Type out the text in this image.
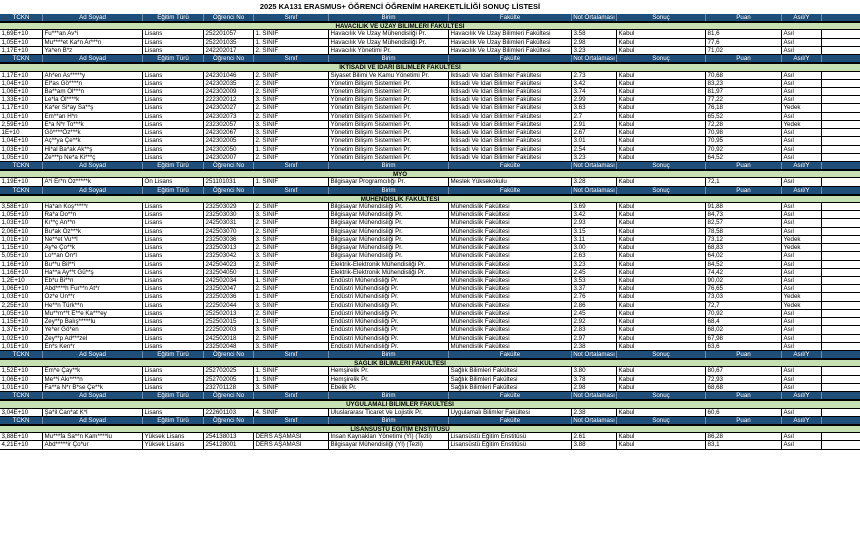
2025 KA131 ERASMUS+ ÖĞRENCİ ÖĞRENİM HAREKETLİLİĞİ SONUÇ LİSTESİ
TCKN	Ad Soyad	Eğitim Türü	Öğrenci No	Sınıf	Birim	Fakülte	Not Ortalaması	Sonuç	Puan	Asıl/Y
HAVACILIK VE UZAY BİLİMLERİ FAKÜLTESİ
1,69E+10	Fu***an Av*i	Lisans	252201057	1. SINIF	Havacılık Ve Uzay Mühendisliği Pr.	Havacılık Ve Uzay Bilimleri Fakültesi	3.58	Kabul	81,6	Asıl
1,05E+10	Mu****et Ka*n Ar***n	Lisans	252201035	1. SINIF	Havacılık Ve Uzay Mühendisliği Pr.	Havacılık Ve Uzay Bilimleri Fakültesi	2.98	Kabul	77,6	Asıl
1,17E+10	Ya*en B*z	Lisans	242202017	2. SINIF	Havacılık Yönetimi Pr.	Havacılık Ve Uzay Bilimleri Fakültesi	3.23	Kabul	71,02	Asıl
TCKN	Ad Soyad	Eğitim Türü	Öğrenci No	Sınıf	Birim	Fakülte	Not Ortalaması	Sonuç	Puan	Asıl/Y
İKTİSADİ VE İDARİ BİLİMLER FAKÜLTESİ
1,17E+10	Ah*en As*****y	Lisans	242301046	2. SINIF	Siyaset Bilimi Ve Kamu Yönetimi Pr.	İktisadi Ve İdari Bilimler Fakültesi	2.73	Kabul	70,68	Asıl
1,04E+10	El*as Gö****n	Lisans	242302035	2. SINIF	Yönetim Bilişim Sistemleri Pr.	İktisadi Ve İdari Bilimler Fakültesi	3.42	Kabul	83,23	Asıl
1,06E+10	Ba**am Ol***n	Lisans	242302009	2. SINIF	Yönetim Bilişim Sistemleri Pr.	İktisadi Ve İdari Bilimler Fakültesi	3.74	Kabul	81,97	Asıl
1,33E+10	Le*la Öl****k	Lisans	222302012	3. SINIF	Yönetim Bilişim Sistemleri Pr.	İktisadi Ve İdari Bilimler Fakültesi	2.99	Kabul	77,22	Asıl
1,17E+10	Ka*er Si*ay Sa**ş	Lisans	242302027	2. SINIF	Yönetim Bilişim Sistemleri Pr.	İktisadi Ve İdari Bilimler Fakültesi	3.63	Kabul	76,18	Yedek
1,01E+10	Em**an H*n	Lisans	242302073	2. SINIF	Yönetim Bilişim Sistemleri Pr.	İktisadi Ve İdari Bilimler Fakültesi	2.7	Kabul	65,52	Asıl
2,59E+10	E*a N*r To***k	Lisans	232302057	3. SINIF	Yönetim Bilişim Sistemleri Pr.	İktisadi Ve İdari Bilimler Fakültesi	2.91	Kabul	72,28	Yedek
1E+10	Gö****Öz***k	Lisans	242302067	3. SINIF	Yönetim Bilişim Sistemleri Pr.	İktisadi Ve İdari Bilimler Fakültesi	2.67	Kabul	70,98	Asıl
1,04E+10	Aç**ya Çe**k	Lisans	242302005	2. SINIF	Yönetim Bilişim Sistemleri Pr.	İktisadi Ve İdari Bilimler Fakültesi	3.01	Kabul	70,95	Asıl
1,03E+10	Hi*al Ba*ak Ak**ş	Lisans	242302050	1. SINIF	Yönetim Bilişim Sistemleri Pr.	İktisadi Ve İdari Bilimler Fakültesi	2.54	Kabul	70,92	Asıl
1,05E+10	Ze***p Ne*a Ki***ç	Lisans	242302007	2. SINIF	Yönetim Bilişim Sistemleri Pr.	İktisadi Ve İdari Bilimler Fakültesi	3.23	Kabul	64,52	Asıl
TCKN	Ad Soyad	Eğitim Türü	Öğrenci No	Sınıf	Birim	Fakülte	Not Ortalaması	Sonuç	Puan	Asıl/Y
MYO
1,19E+10	A*i Er*n Öz*****k	Ön Lisans	251101031	1. SINIF	Bilgisayar Programcılığı Pr.	Meslek Yüksekokulu	3.28	Kabul	72,1	Asıl
TCKN	Ad Soyad	Eğitim Türü	Öğrenci No	Sınıf	Birim	Fakülte	Not Ortalaması	Sonuç	Puan	Asıl/Y
MÜHENDİSLİK FAKÜLTESİ
3,58E+10	Ha*an Koş*****r	Lisans	232503029	2. SINIF	Bilgisayar Mühendisliği Pr.	Mühendislik Fakültesi	3.69	Kabul	91,88	Asıl
1,05E+10	Ra*a Do**n	Lisans	232503030	3. SINIF	Bilgisayar Mühendisliği Pr.	Mühendislik Fakültesi	3.42	Kabul	84,73	Asıl
1,03E+10	Kı**ç An**n	Lisans	242503031	2. SINIF	Bilgisayar Mühendisliği Pr.	Mühendislik Fakültesi	2.93	Kabul	82,57	Asıl
2,06E+10	Bu*ak Öz***k	Lisans	242503070	2. SINIF	Bilgisayar Mühendisliği Pr.	Mühendislik Fakültesi	3.15	Kabul	78,58	Asıl
1,01E+10	Ne**et Vu**l	Lisans	232503036	3. SINIF	Bilgisayar Mühendisliği Pr.	Mühendislik Fakültesi	3.11	Kabul	73,12	Yedek
1,15E+10	Ay*e Ço**k	Lisans	232503013	2. SINIF	Bilgisayar Mühendisliği Pr.	Mühendislik Fakültesi	3.00	Kabul	68,83	Yedek
5,05E+10	Lo**an Ön*l	Lisans	232503042	3. SINIF	Bilgisayar Mühendisliği Pr.	Mühendislik Fakültesi	2.63	Kabul	64,02	Asıl
1,16E+10	Bu**u Bil**i	Lisans	242504023	2. SINIF	Elektrik-Elektronik Mühendisliği Pr.	Mühendislik Fakültesi	3.23	Kabul	84,52	Asıl
1,16E+10	Ha**a Ay**t Gü**ş	Lisans	232504050	1. SINIF	Elektrik-Elektronik Mühendisliği Pr.	Mühendislik Fakültesi	2.45	Kabul	74,42	Asıl
1,2E+10	Eb*u Bi**n	Lisans	242502034	1. SINIF	Endüstri Mühendisliği Pr.	Mühendislik Fakültesi	3.53	Kabul	90,02	Asıl
1,06E+10	Abd****h Fur**n At*r	Lisans	232502047	2. SINIF	Endüstri Mühendisliği Pr.	Mühendislik Fakültesi	3.37	Kabul	76,65	Asıl
1,03E+10	Öz*e Ün**r	Lisans	232502036	1. SINIF	Endüstri Mühendisliği Pr.	Mühendislik Fakültesi	2.76	Kabul	73,03	Yedek
2,25E+10	He**n Türk**n	Lisans	222502044	3. SINIF	Endüstri Mühendisliği Pr.	Mühendislik Fakültesi	2.86	Kabul	72,7	Yedek
1,05E+10	Mu**m**t E**e Ka***ey	Lisans	252502013	2. SINIF	Endüstri Mühendisliği Pr.	Mühendislik Fakültesi	2.45	Kabul	70,92	Asıl
1,15E+10	Zey**p Balış*****lu	Lisans	252502015	1. SINIF	Endüstri Mühendisliği Pr.	Mühendislik Fakültesi	2.92	Kabul	68,4	Asıl
1,37E+10	Ye*er Gö*en	Lisans	222502003	3. SINIF	Endüstri Mühendisliği Pr.	Mühendislik Fakültesi	2.83	Kabul	68,02	Asıl
1,02E+10	Zey**p Ad***zel	Lisans	242502018	2. SINIF	Endüstri Mühendisliği Pr.	Mühendislik Fakültesi	2.97	Kabul	67,98	Asıl
1,01E+10	En*s Ken*r	Lisans	232502048	3. SINIF	Endüstri Mühendisliği Pr.	Mühendislik Fakültesi	2.38	Kabul	63,6	Asıl
TCKN	Ad Soyad	Eğitim Türü	Öğrenci No	Sınıf	Birim	Fakülte	Not Ortalaması	Sonuç	Puan	Asıl/Y
SAĞLIK BİLİMLERİ FAKÜLTESİ
1,52E+10	Em*e Çay**k	Lisans	252702025	1. SINIF	Hemşirelik Pr.	Sağlık Bilimleri Fakültesi	3.80	Kabul	80,67	Asıl
1,06E+10	Me**i Akı****n	Lisans	252702005	1. SINIF	Hemşirelik Pr.	Sağlık Bilimleri Fakültesi	3.78	Kabul	72,93	Asıl
1,01E+10	Fa**a N*r B*se Çe**k	Lisans	232701128	3. SINIF	Ebelik Pr.	Sağlık Bilimleri Fakültesi	2.98	Kabul	68,68	Asıl
TCKN	Ad Soyad	Eğitim Türü	Öğrenci No	Sınıf	Birim	Fakülte	Not Ortalaması	Sonuç	Puan	Asıl/Y
UYGULAMALI BİLİMLER FAKÜLTESİ
3,04E+10	Şa*il Can*at K*l	Lisans	222601103	4. SINIF	Uluslararası Ticaret Ve Lojistik Pr.	Uygulamalı Bilimler Fakültesi	2.38	Kabul	60,6	Asıl
TCKN	Ad Soyad	Eğitim Türü	Öğrenci No	Sınıf	Birim	Fakülte	Not Ortalaması	Sonuç	Puan	Asıl/Y
LİSANSÜSTÜ EĞİTİM ENSTİTÜSÜ
3,88E+10	Mu***fa Sa**n Kam****lu	Yüksek Lisans	254138013	DERS AŞAMASI	İnsan Kaynakları Yönetimi (Yl) (Tezli)	Lisansüstü Eğitim Enstitüsü	2.61	Kabul	86,28	Asıl
4,21E+10	Abd*****ir Ço*ur	Yüksek Lisans	254128001	DERS AŞAMASI	Bilgisayar Mühendisliği (Yl) (Tezli)	Lisansüstü Eğitim Enstitüsü	3.88	Kabul	83,1	Asıl
